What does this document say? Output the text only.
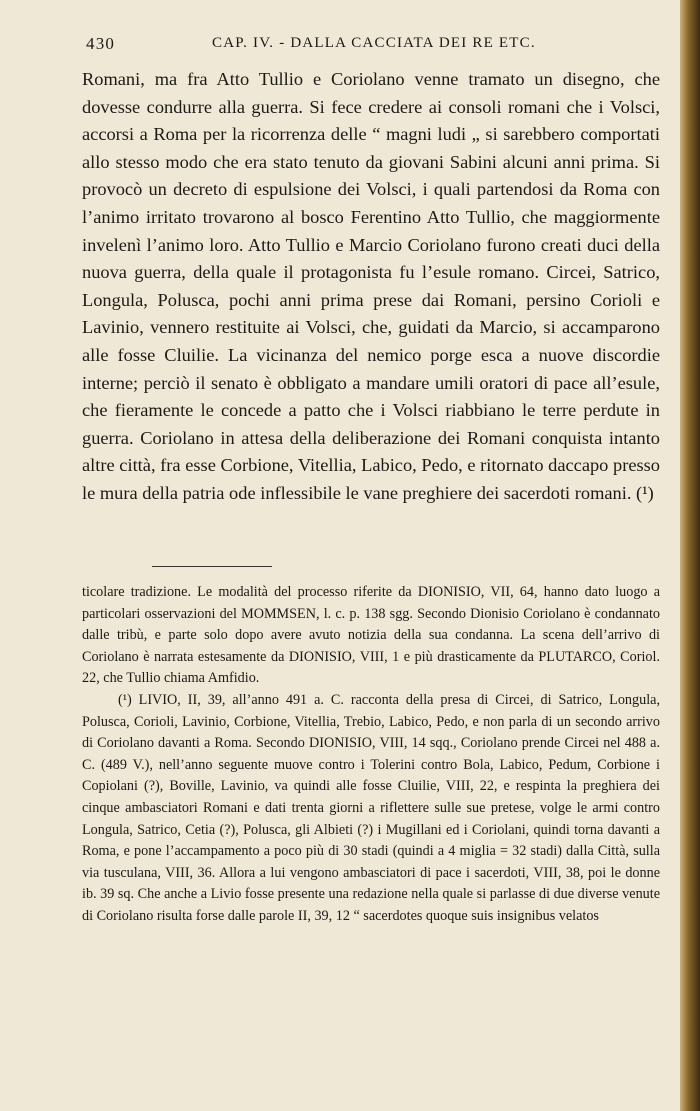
430	CAP. IV. - DALLA CACCIATA DEI RE ETC.

Romani, ma fra Atto Tullio e Coriolano venne tramato un disegno, che dovesse condurre alla guerra. Si fece credere ai consoli romani che i Volsci, accorsi a Roma per la ricorrenza delle “ magni ludi „ si sarebbero comportati allo stesso modo che era stato tenuto da giovani Sabini alcuni anni prima. Si provocò un decreto di espulsione dei Volsci, i quali partendosi da Roma con l’animo irritato trovarono al bosco Ferentino Atto Tullio, che maggiormente invelenì l’animo loro. Atto Tullio e Marcio Coriolano furono creati duci della nuova guerra, della quale il protagonista fu l’esule romano. Circei, Satrico, Longula, Polusca, pochi anni prima prese dai Romani, persino Corioli e Lavinio, vennero restituite ai Volsci, che, guidati da Marcio, si accamparono alle fosse Cluilie. La vicinanza del nemico porge esca a nuove discordie interne; perciò il senato è obbligato a mandare umili oratori di pace all’esule, che fieramente le concede a patto che i Volsci riabbiano le terre perdute in guerra. Coriolano in attesa della deliberazione dei Romani conquista intanto altre città, fra esse Corbione, Vitellia, Labico, Pedo, e ritornato daccapo presso le mura della patria ode inflessibile le vane preghiere dei sacerdoti romani. (¹)

ticolare tradizione. Le modalità del processo riferite da DIONISIO, VII, 64, hanno dato luogo a particolari osservazioni del MOMMSEN, l. c. p. 138 sgg. Secondo Dionisio Coriolano è condannato dalle tribù, e parte solo dopo avere avuto notizia della sua condanna. La scena dell’arrivo di Coriolano è narrata estesamente da DIONISIO, VIII, 1 e più drasticamente da PLUTARCO, Coriol. 22, che Tullio chiama Amfidio.

(¹) LIVIO, II, 39, all’anno 491 a. C. racconta della presa di Circei, di Satrico, Longula, Polusca, Corioli, Lavinio, Corbione, Vitellia, Trebio, Labico, Pedo, e non parla di un secondo arrivo di Coriolano davanti a Roma. Secondo DIONISIO, VIII, 14 sqq., Coriolano prende Circei nel 488 a. C. (489 V.), nell’anno seguente muove contro i Tolerini contro Bola, Labico, Pedum, Corbione i Copiolani (?), Boville, Lavinio, va quindi alle fosse Cluilie, VIII, 22, e respinta la preghiera dei cinque ambasciatori Romani e dati trenta giorni a riflettere sulle sue pretese, volge le armi contro Longula, Satrico, Cetia (?), Polusca, gli Albieti (?) i Mugillani ed i Coriolani, quindi torna davanti a Roma, e pone l’accampamento a poco più di 30 stadi (quindi a 4 miglia = 32 stadi) dalla Città, sulla via tusculana, VIII, 36. Allora a lui vengono ambasciatori di pace i sacerdoti, VIII, 38, poi le donne ib. 39 sq. Che anche a Livio fosse presente una redazione nella quale si parlasse di due diverse venute di Coriolano risulta forse dalle parole II, 39, 12 “ sacerdotes quoque suis insignibus velatos
